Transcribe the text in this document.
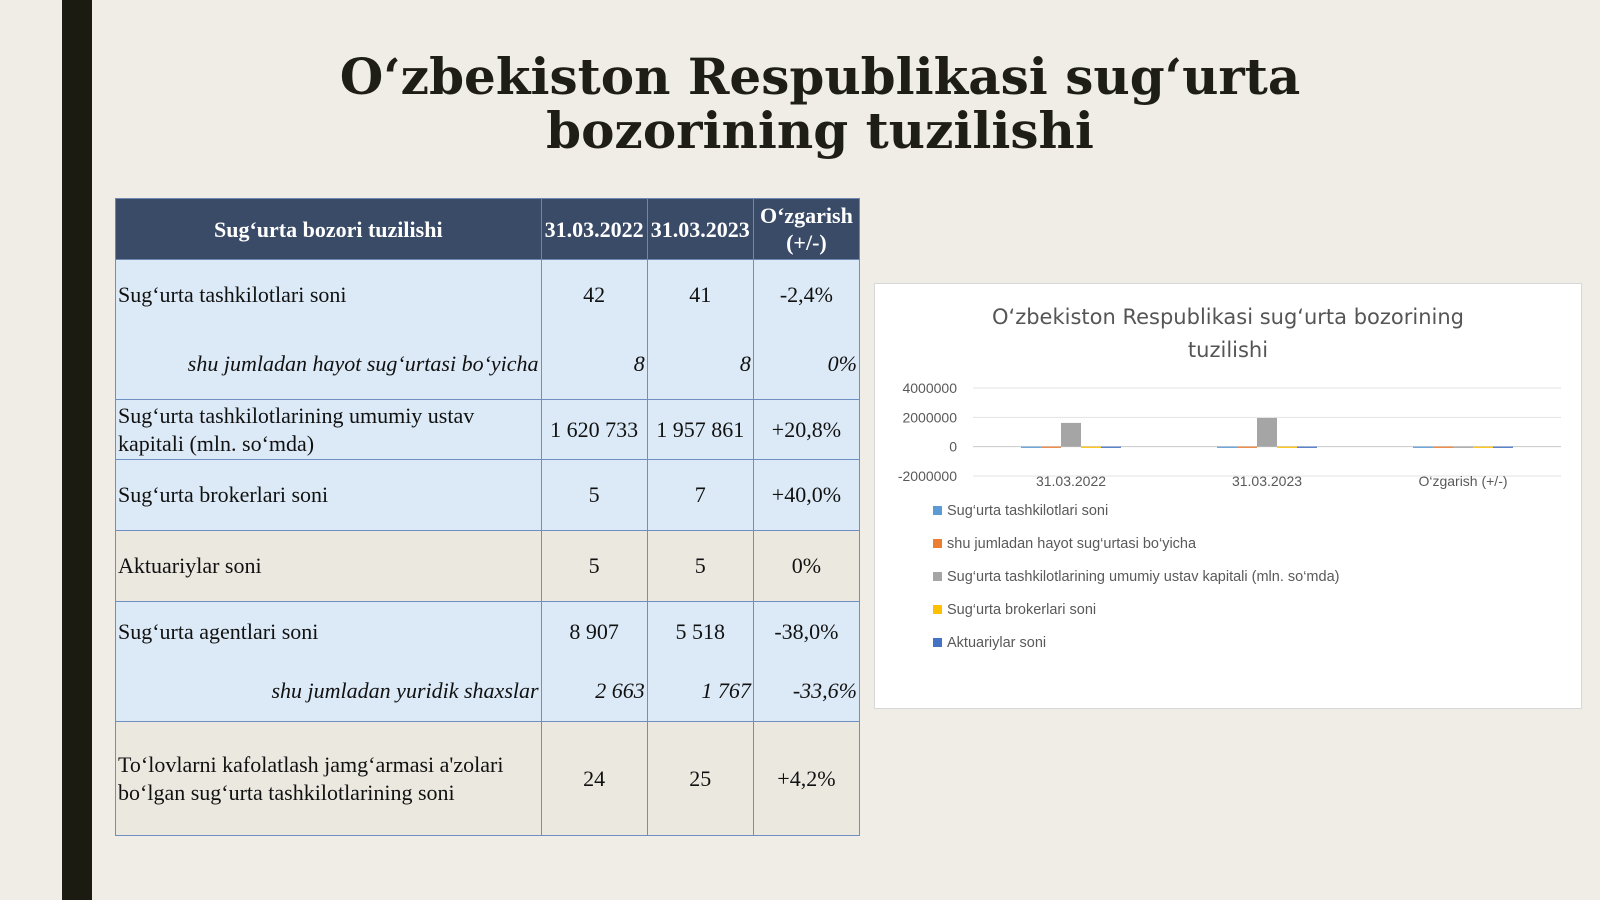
O‘zbekiston Respublikasi sug‘urta bozorining tuzilishi
Sug‘urta bozori tuzilishi	31.03.2022	31.03.2023	O‘zgarish (+/-)
Sug‘urta tashkilotlari soni	42	41	-2,4%
shu jumladan hayot sug‘urtasi bo‘yicha	8	8	0%
Sug‘urta tashkilotlarining umumiy ustav kapitali (mln. so‘mda)	1 620 733	1 957 861	+20,8%
Sug‘urta brokerlari soni	5	7	+40,0%
Aktuariylar soni	5	5	0%
Sug‘urta agentlari soni	8 907	5 518	-38,0%
shu jumladan yuridik shaxslar	2 663	1 767	-33,6%
To‘lovlarni kafolatlash jamg‘armasi a'zolari bo‘lgan sug‘urta tashkilotlarining soni	24	25	+4,2%
O‘zbekiston Respublikasi sug‘urta bozorining
tuzilishi
4000000
2000000
0
-2000000	31.03.2022	31.03.2023	O‘zgarish (+/-)
Sug‘urta tashkilotlari soni
shu jumladan hayot sug‘urtasi bo‘yicha
Sug‘urta tashkilotlarining umumiy ustav kapitali (mln. so‘mda)
Sug‘urta brokerlari soni
Aktuariylar soni
